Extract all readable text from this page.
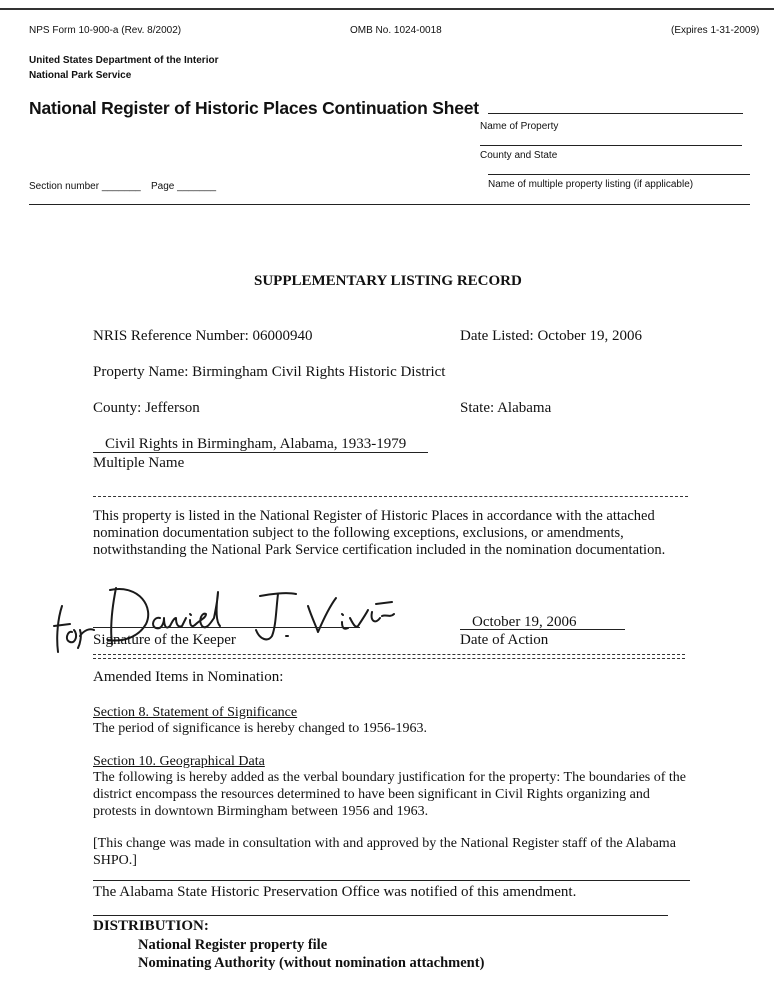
NPS Form 10-900-a (Rev. 8/2002)	OMB No. 1024-0018	(Expires 1-31-2009)
United States Department of the Interior
National Park Service
National Register of Historic Places Continuation Sheet
Name of Property
County and State
Section number _______ Page _______	Name of multiple property listing (if applicable)
SUPPLEMENTARY LISTING RECORD
NRIS Reference Number: 06000940	Date Listed: October 19, 2006
Property Name: Birmingham Civil Rights Historic District
County: Jefferson	State: Alabama
Civil Rights in Birmingham, Alabama, 1933-1979
Multiple Name
This property is listed in the National Register of Historic Places in accordance with the attached nomination documentation subject to the following exceptions, exclusions, or amendments, notwithstanding the National Park Service certification included in the nomination documentation.
Signature of the Keeper
October 19, 2006
Date of Action
Amended Items in Nomination:
Section 8. Statement of Significance
The period of significance is hereby changed to 1956-1963.
Section 10. Geographical Data
The following is hereby added as the verbal boundary justification for the property: The boundaries of the district encompass the resources determined to have been significant in Civil Rights organizing and protests in downtown Birmingham between 1956 and 1963.
[This change was made in consultation with and approved by the National Register staff of the Alabama SHPO.]
The Alabama State Historic Preservation Office was notified of this amendment.
DISTRIBUTION:
National Register property file
Nominating Authority (without nomination attachment)
